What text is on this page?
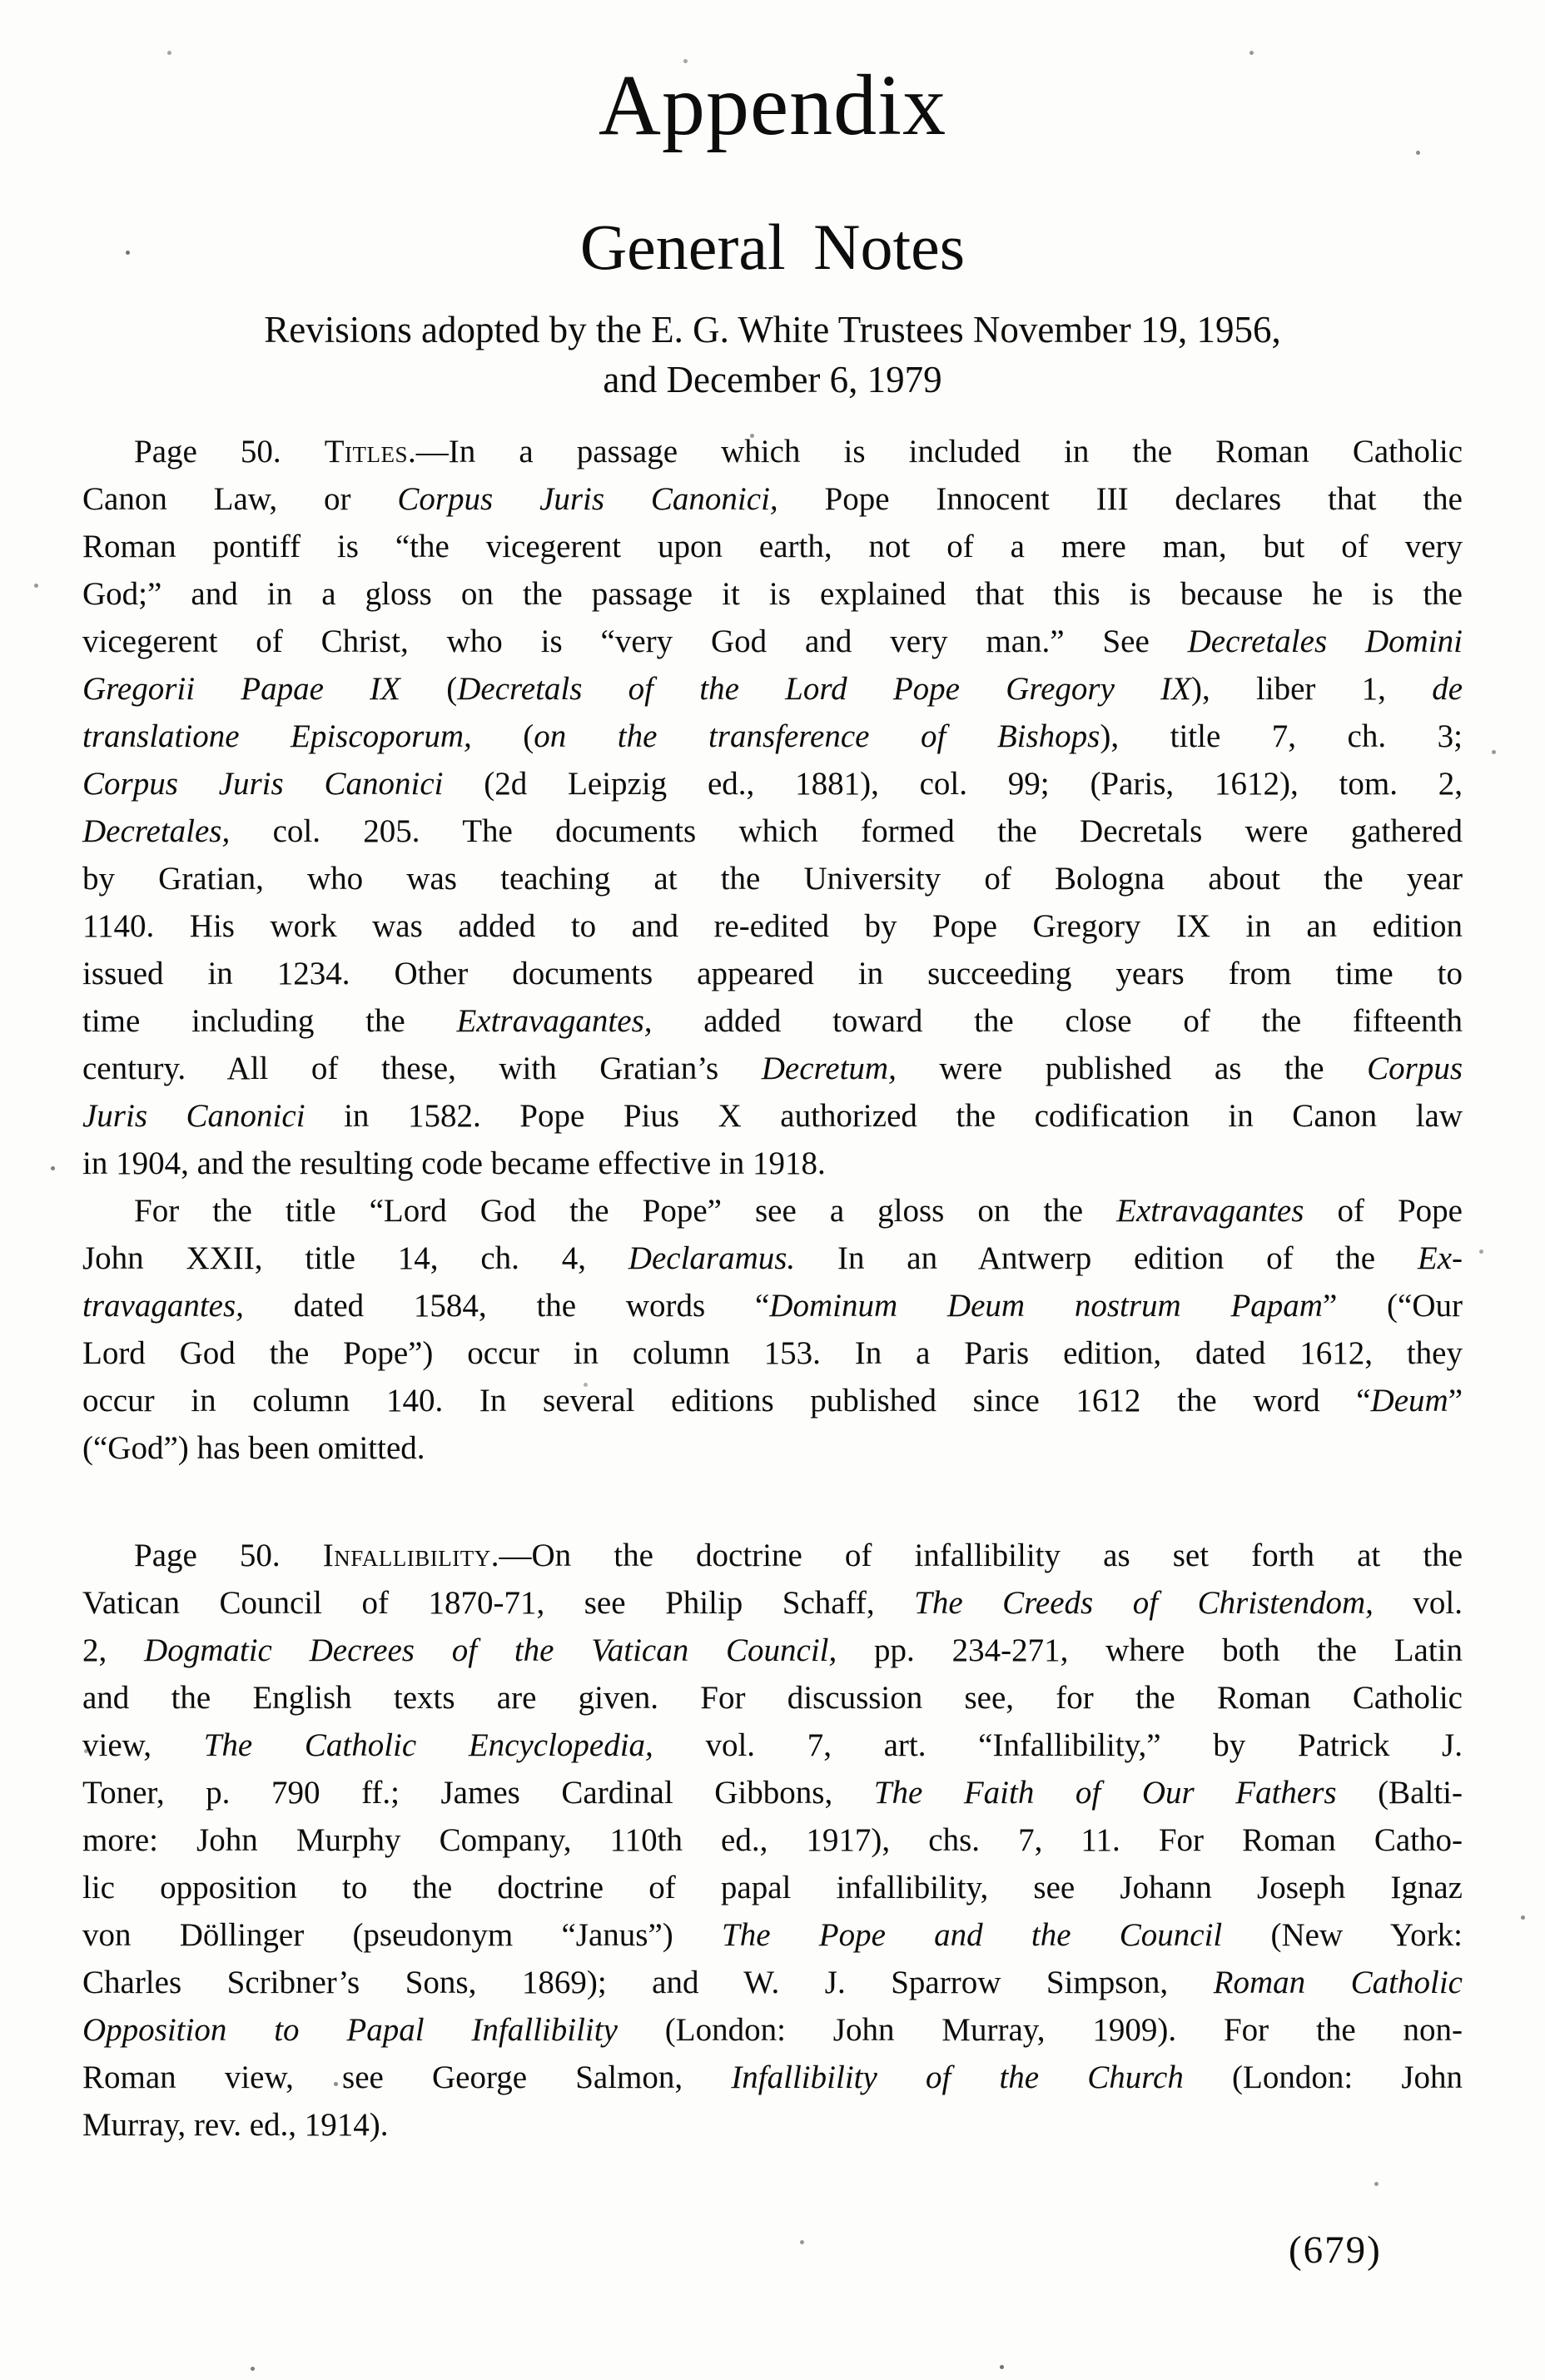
Appendix
General Notes
Revisions adopted by the E. G. White Trustees November 19, 1956,
and December 6, 1979
Page 50. Titles.—In a passage which is included in the Roman Catholic
Canon Law, or Corpus Juris Canonici, Pope Innocent III declares that the
Roman pontiff is “the vicegerent upon earth, not of a mere man, but of very
God;” and in a gloss on the passage it is explained that this is because he is the
vicegerent of Christ, who is “very God and very man.” See Decretales Domini
Gregorii Papae IX (Decretals of the Lord Pope Gregory IX), liber 1, de
translatione Episcoporum, (on the transference of Bishops), title 7, ch. 3;
Corpus Juris Canonici (2d Leipzig ed., 1881), col. 99; (Paris, 1612), tom. 2,
Decretales, col. 205. The documents which formed the Decretals were gathered
by Gratian, who was teaching at the University of Bologna about the year
1140. His work was added to and re-edited by Pope Gregory IX in an edition
issued in 1234. Other documents appeared in succeeding years from time to
time including the Extravagantes, added toward the close of the fifteenth
century. All of these, with Gratian’s Decretum, were published as the Corpus
Juris Canonici in 1582. Pope Pius X authorized the codification in Canon law
in 1904, and the resulting code became effective in 1918.
For the title “Lord God the Pope” see a gloss on the Extravagantes of Pope
John XXII, title 14, ch. 4, Declaramus. In an Antwerp edition of the Ex-
travagantes, dated 1584, the words “Dominum Deum nostrum Papam” (“Our
Lord God the Pope”) occur in column 153. In a Paris edition, dated 1612, they
occur in column 140. In several editions published since 1612 the word “Deum”
(“God”) has been omitted.
Page 50. Infallibility.—On the doctrine of infallibility as set forth at the
Vatican Council of 1870-71, see Philip Schaff, The Creeds of Christendom, vol.
2, Dogmatic Decrees of the Vatican Council, pp. 234-271, where both the Latin
and the English texts are given. For discussion see, for the Roman Catholic
view, The Catholic Encyclopedia, vol. 7, art. “Infallibility,” by Patrick J.
Toner, p. 790 ff.; James Cardinal Gibbons, The Faith of Our Fathers (Balti-
more: John Murphy Company, 110th ed., 1917), chs. 7, 11. For Roman Catho-
lic opposition to the doctrine of papal infallibility, see Johann Joseph Ignaz
von Döllinger (pseudonym “Janus”) The Pope and the Council (New York:
Charles Scribner’s Sons, 1869); and W. J. Sparrow Simpson, Roman Catholic
Opposition to Papal Infallibility (London: John Murray, 1909). For the non-
Roman view, see George Salmon, Infallibility of the Church (London: John
Murray, rev. ed., 1914).
(679)
